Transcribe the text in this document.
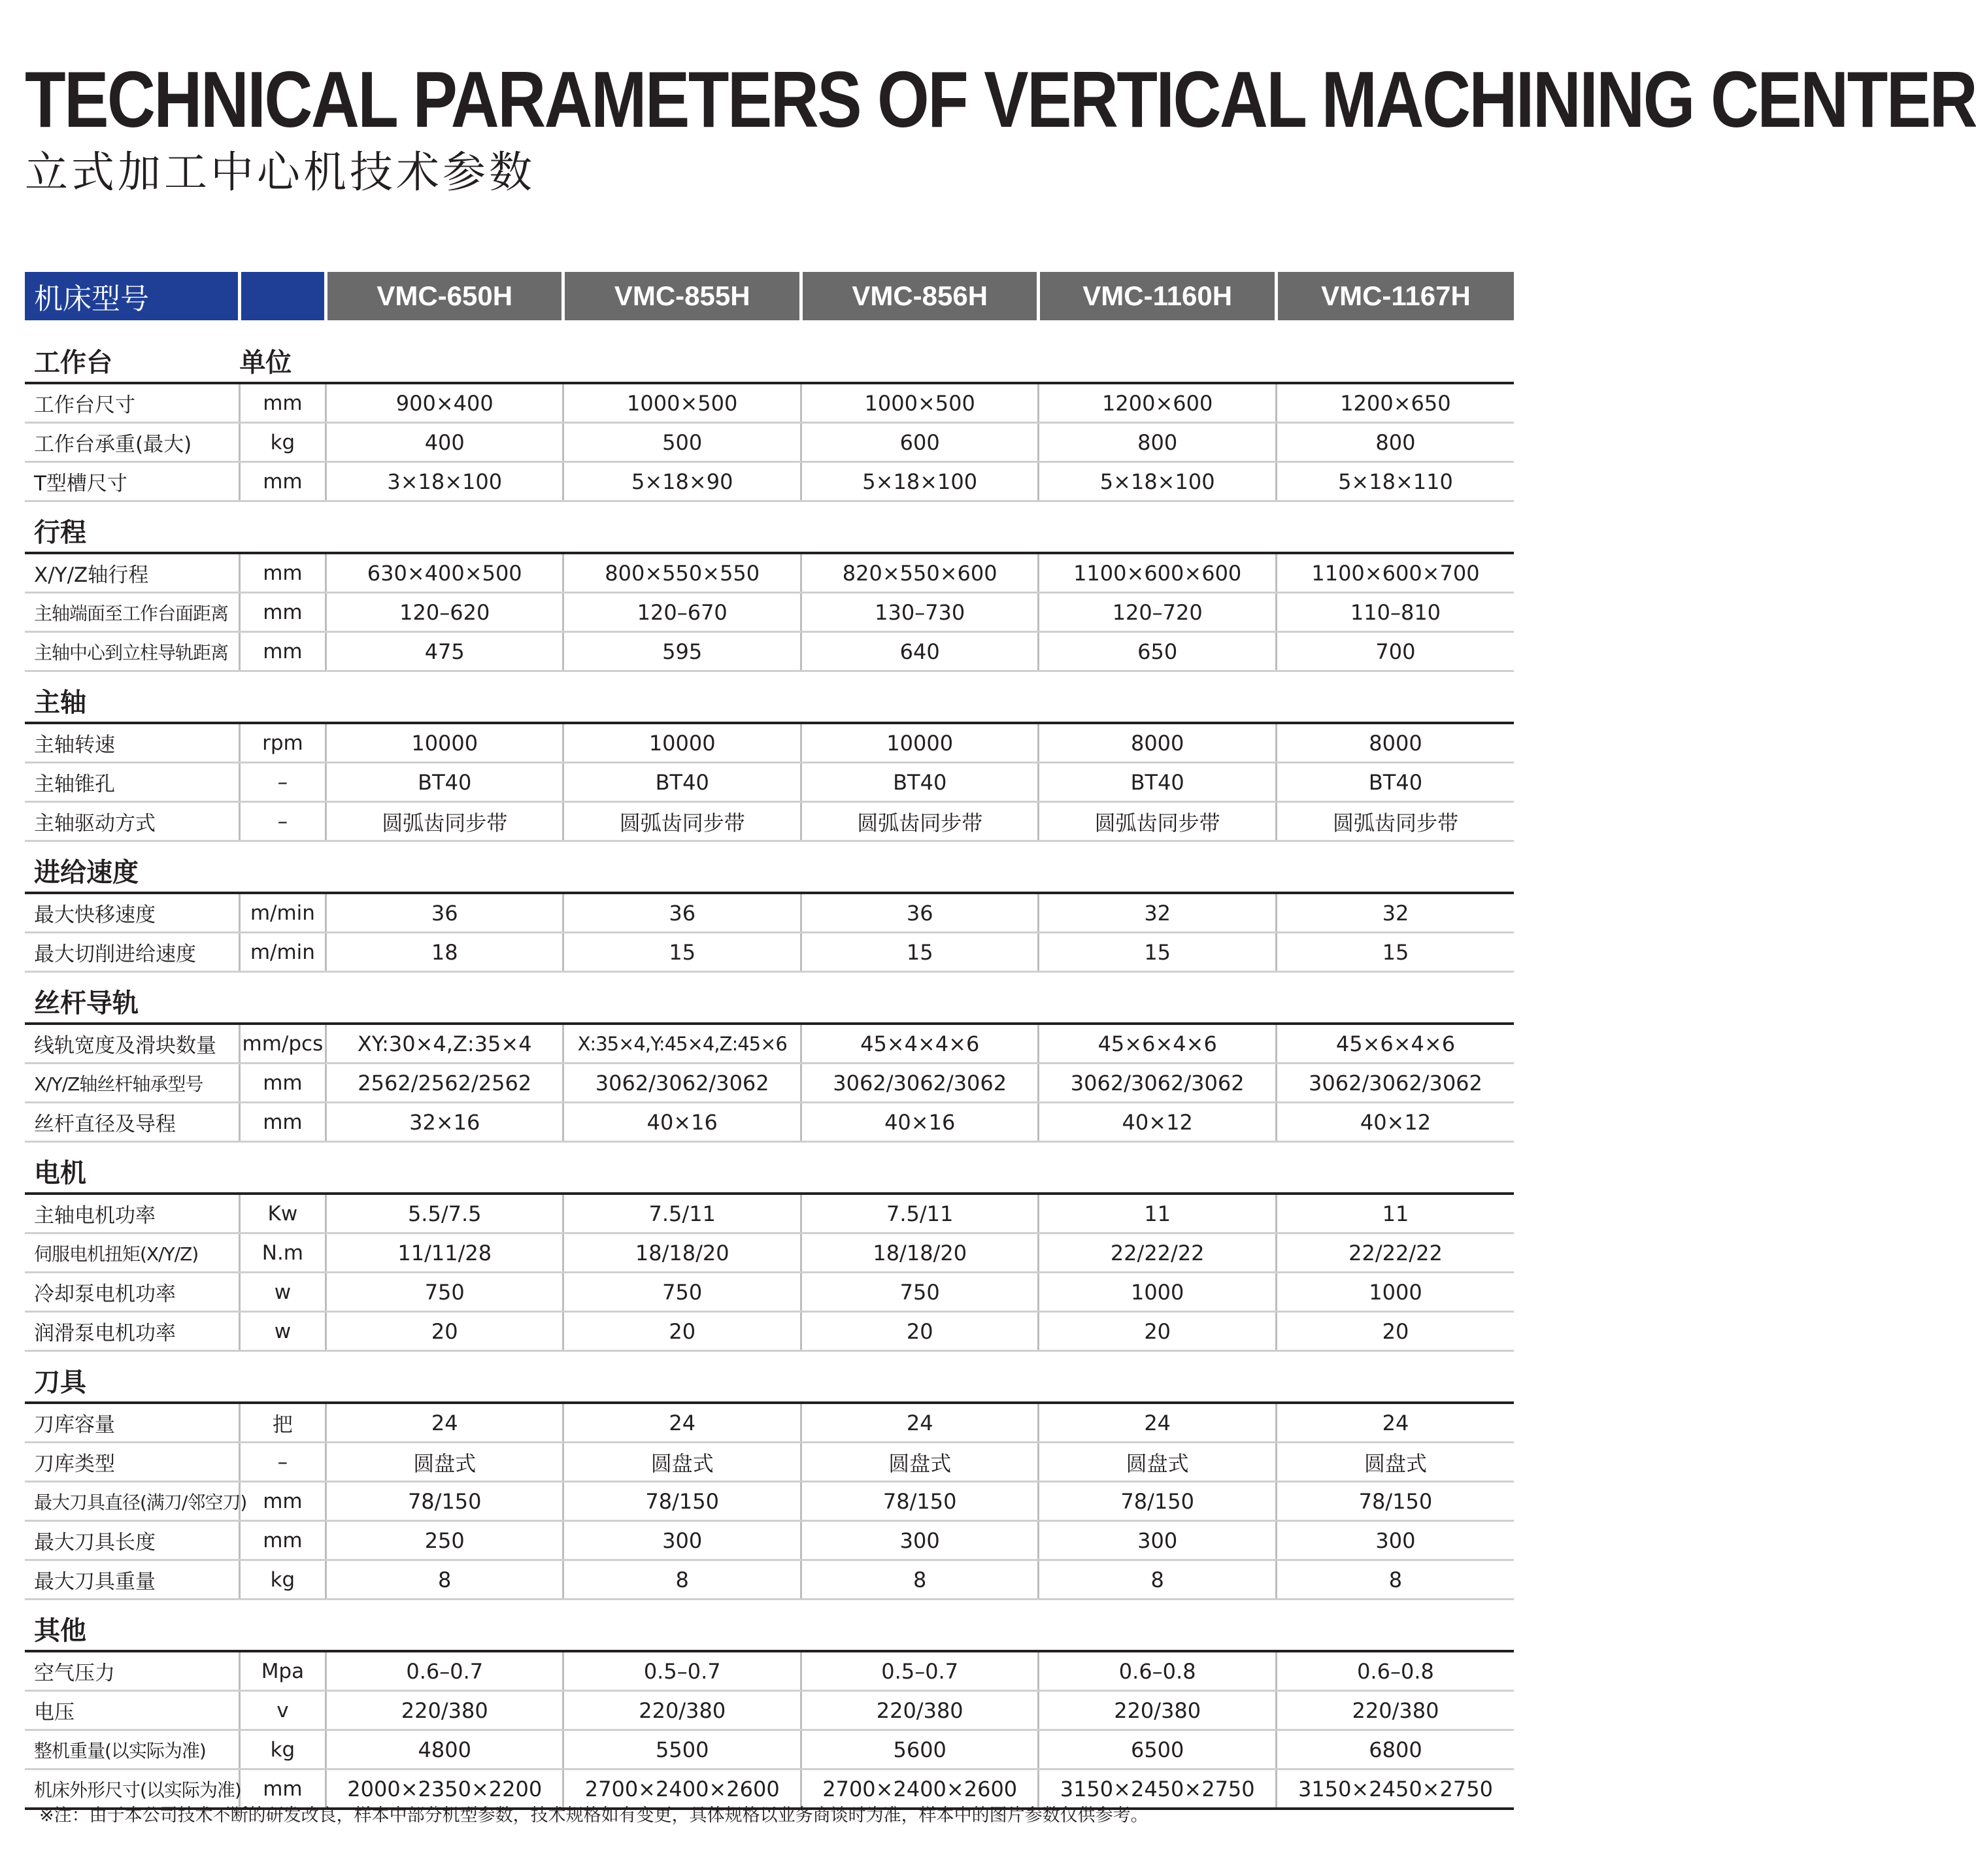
TECHNICAL PARAMETERS OF VERTICAL MACHINING CENTER
立式加工中心机技术参数
机床型号		VMC-650H	VMC-855H	VMC-856H	VMC-1160H	VMC-1167H
工作台	单位					
工作台尺寸	mm	900×400	1000×500	1000×500	1200×600	1200×650
工作台承重(最大)	kg	400	500	600	800	800
T型槽尺寸	mm	3×18×100	5×18×90	5×18×100	5×18×100	5×18×110
行程						
X/Y/Z轴行程	mm	630×400×500	800×550×550	820×550×600	1100×600×600	1100×600×700
主轴端面至工作台面距离	mm	120–620	120–670	130–730	120–720	110–810
主轴中心到立柱导轨距离	mm	475	595	640	650	700
主轴						
主轴转速	rpm	10000	10000	10000	8000	8000
主轴锥孔	–	BT40	BT40	BT40	BT40	BT40
主轴驱动方式	–	圆弧齿同步带	圆弧齿同步带	圆弧齿同步带	圆弧齿同步带	圆弧齿同步带
进给速度						
最大快移速度	m/min	36	36	36	32	32
最大切削进给速度	m/min	18	15	15	15	15
丝杆导轨						
线轨宽度及滑块数量	mm/pcs	XY:30×4,Z:35×4	X:35×4,Y:45×4,Z:45×6	45×4×4×6	45×6×4×6	45×6×4×6
X/Y/Z轴丝杆轴承型号	mm	2562/2562/2562	3062/3062/3062	3062/3062/3062	3062/3062/3062	3062/3062/3062
丝杆直径及导程	mm	32×16	40×16	40×16	40×12	40×12
电机						
主轴电机功率	Kw	5.5/7.5	7.5/11	7.5/11	11	11
伺服电机扭矩(X/Y/Z)	N.m	11/11/28	18/18/20	18/18/20	22/22/22	22/22/22
冷却泵电机功率	w	750	750	750	1000	1000
润滑泵电机功率	w	20	20	20	20	20
刀具						
刀库容量	把	24	24	24	24	24
刀库类型	–	圆盘式	圆盘式	圆盘式	圆盘式	圆盘式
最大刀具直径(满刀/邻空刀)	mm	78/150	78/150	78/150	78/150	78/150
最大刀具长度	mm	250	300	300	300	300
最大刀具重量	kg	8	8	8	8	8
其他						
空气压力	Mpa	0.6–0.7	0.5–0.7	0.5–0.7	0.6–0.8	0.6–0.8
电压	v	220/380	220/380	220/380	220/380	220/380
整机重量(以实际为准)	kg	4800	5500	5600	6500	6800
机床外形尺寸(以实际为准)	mm	2000×2350×2200	2700×2400×2600	2700×2400×2600	3150×2450×2750	3150×2450×2750

※注：由于本公司技术不断的研发改良，样本中部分机型参数，技术规格如有变更，具体规格以业务商谈时为准，样本中的图片参数仅供参考。
